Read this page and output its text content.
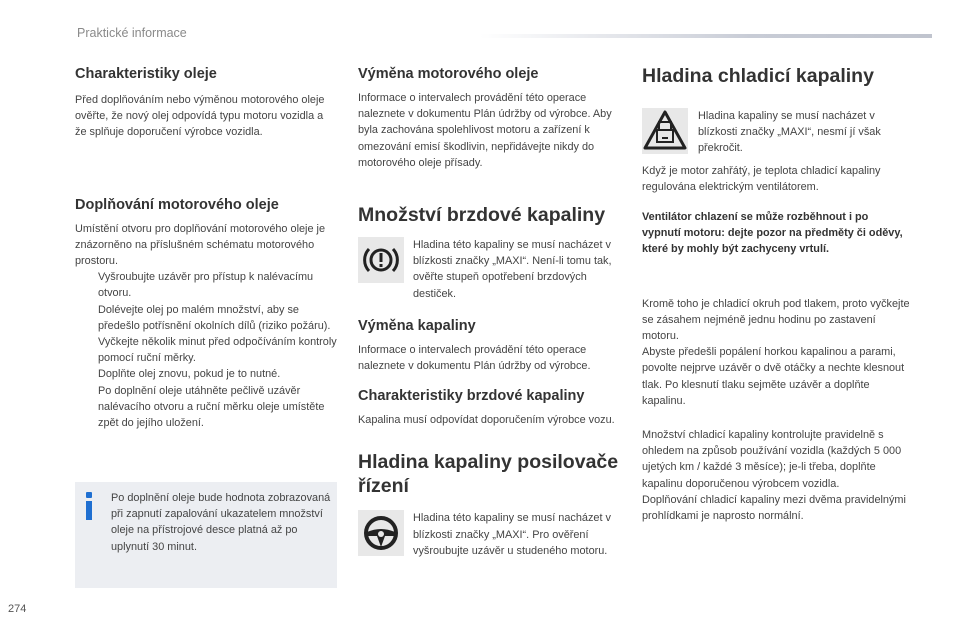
Praktické informace
274
Charakteristiky oleje

Před doplňováním nebo výměnou motorového oleje ověřte, že nový olej odpovídá typu motoru vozidla a že splňuje doporučení výrobce vozidla.

Doplňování motorového oleje

Umístění otvoru pro doplňování motorového oleje je znázorněno na příslušném schématu motorového prostoru.

Vyšroubujte uzávěr pro přístup k nalévacímu otvoru.
Dolévejte olej po malém množství, aby se předešlo potřísnění okolních dílů (riziko požáru).
Vyčkejte několik minut před odpočíváním kontroly pomocí ruční měrky.
Doplňte olej znovu, pokud je to nutné.
Po doplnění oleje utáhněte pečlivě uzávěr nalévacího otvoru a ruční měrku oleje umístěte zpět do jejího uložení.

Po doplnění oleje bude hodnota zobrazovaná při zapnutí zapalování ukazatelem množství oleje na přístrojové desce platná až po uplynutí 30 minut.

Výměna motorového oleje

Informace o intervalech provádění této operace naleznete v dokumentu Plán údržby od výrobce. Aby byla zachována spolehlivost motoru a zařízení k omezování emisí škodlivin, nepřidávejte nikdy do motorového oleje přísady.

Množství brzdové kapaliny

Hladina této kapaliny se musí nacházet v blízkosti značky „MAXI“. Není-li tomu tak, ověřte stupeň opotřebení brzdových destiček.

Výměna kapaliny

Informace o intervalech provádění této operace naleznete v dokumentu Plán údržby od výrobce.

Charakteristiky brzdové kapaliny

Kapalina musí odpovídat doporučením výrobce vozu.

Hladina kapaliny posilovače řízení

Hladina této kapaliny se musí nacházet v blízkosti značky „MAXI“. Pro ověření vyšroubujte uzávěr u studeného motoru.

Hladina chladicí kapaliny

Hladina kapaliny se musí nacházet v blízkosti značky „MAXI“, nesmí jí však překročit.

Když je motor zahřátý, je teplota chladicí kapaliny regulována elektrickým ventilátorem.

Ventilátor chlazení se může rozběhnout i po vypnutí motoru: dejte pozor na předměty či oděvy, které by mohly být zachyceny vrtulí.

Kromě toho je chladicí okruh pod tlakem, proto vyčkejte se zásahem nejméně jednu hodinu po zastavení motoru.
Abyste předešli popálení horkou kapalinou a parami, povolte nejprve uzávěr o dvě otáčky a nechte klesnout tlak. Po klesnutí tlaku sejměte uzávěr a doplňte kapalinu.

Množství chladicí kapaliny kontrolujte pravidelně s ohledem na způsob používání vozidla (každých 5 000 ujetých km / každé 3 měsíce); je-li třeba, doplňte kapalinu doporučenou výrobcem vozidla.
Doplňování chladicí kapaliny mezi dvěma pravidelnými prohlídkami je naprosto normální.
